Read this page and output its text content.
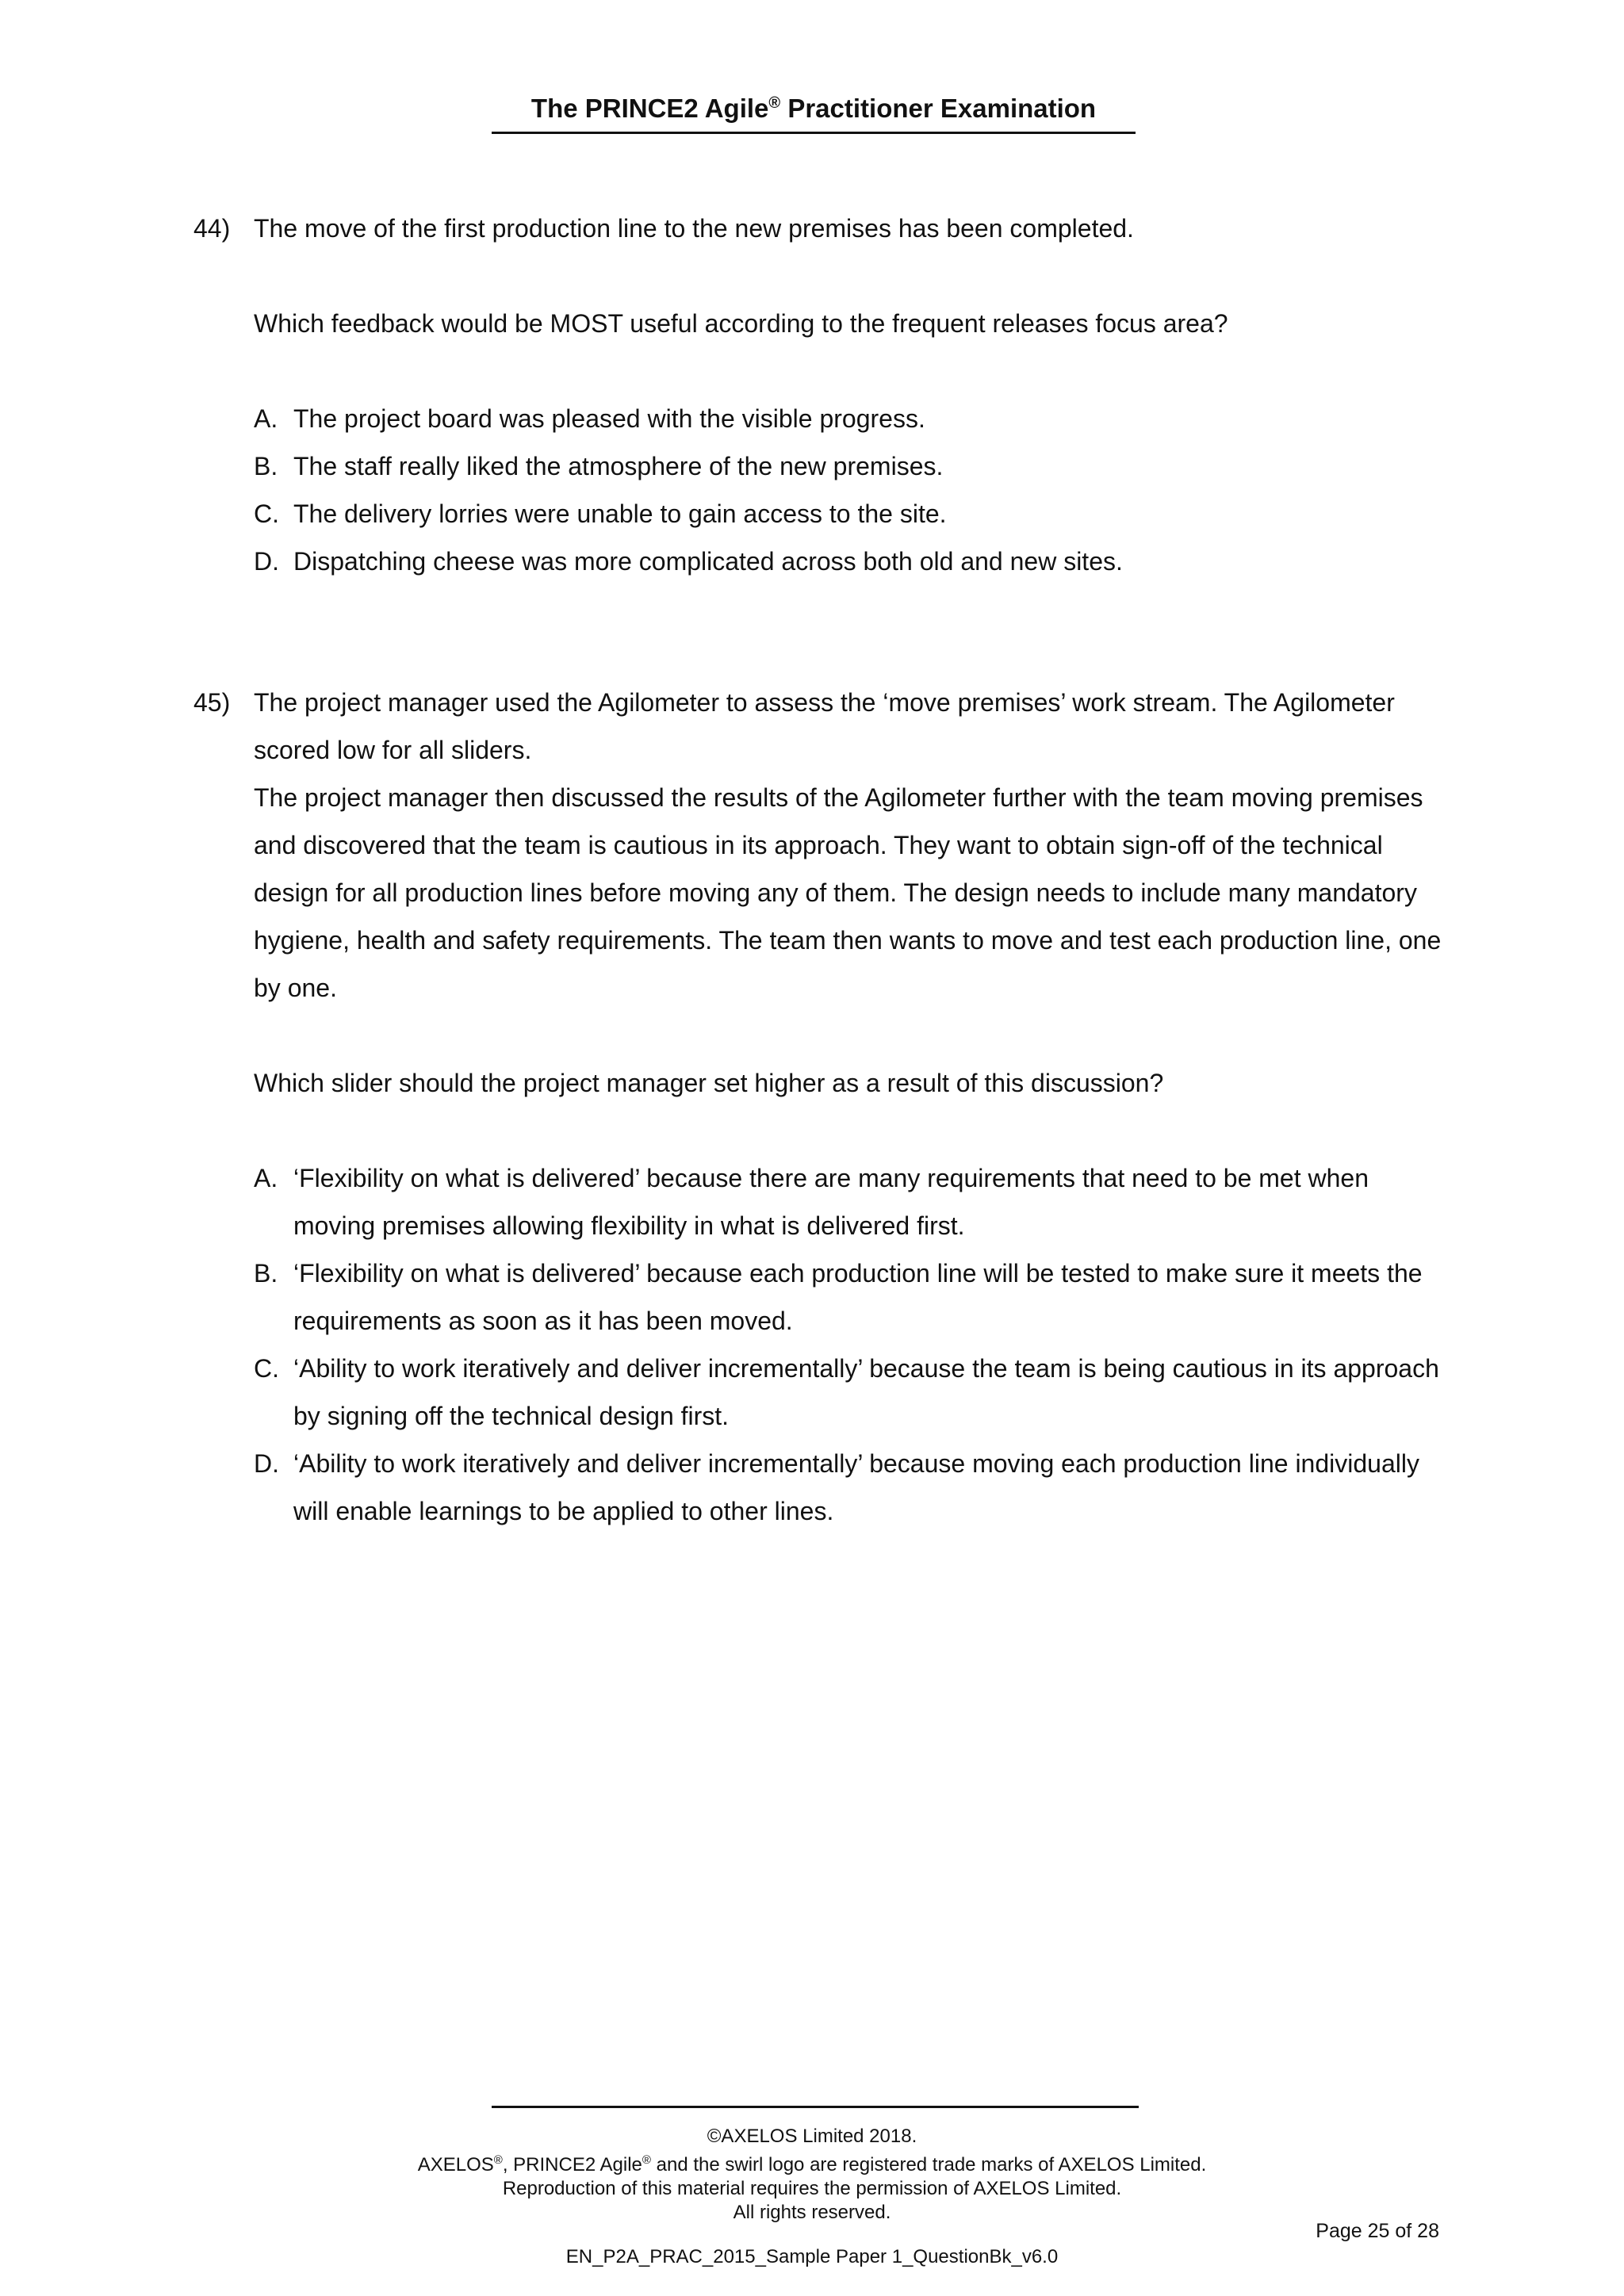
The PRINCE2 Agile® Practitioner Examination
44) The move of the first production line to the new premises has been completed.

Which feedback would be MOST useful according to the frequent releases focus area?

A. The project board was pleased with the visible progress.
B. The staff really liked the atmosphere of the new premises.
C. The delivery lorries were unable to gain access to the site.
D. Dispatching cheese was more complicated across both old and new sites.
45) The project manager used the Agilometer to assess the ‘move premises’ work stream. The Agilometer scored low for all sliders.

The project manager then discussed the results of the Agilometer further with the team moving premises and discovered that the team is cautious in its approach. They want to obtain sign-off of the technical design for all production lines before moving any of them. The design needs to include many mandatory hygiene, health and safety requirements. The team then wants to move and test each production line, one by one.

Which slider should the project manager set higher as a result of this discussion?

A. ‘Flexibility on what is delivered’ because there are many requirements that need to be met when moving premises allowing flexibility in what is delivered first.
B. ‘Flexibility on what is delivered’ because each production line will be tested to make sure it meets the requirements as soon as it has been moved.
C. ‘Ability to work iteratively and deliver incrementally’ because the team is being cautious in its approach by signing off the technical design first.
D. ‘Ability to work iteratively and deliver incrementally’ because moving each production line individually will enable learnings to be applied to other lines.
©AXELOS Limited 2018.
AXELOS®, PRINCE2 Agile® and the swirl logo are registered trade marks of AXELOS Limited.
Reproduction of this material requires the permission of AXELOS Limited.
All rights reserved.
Page 25 of 28
EN_P2A_PRAC_2015_Sample Paper 1_QuestionBk_v6.0
